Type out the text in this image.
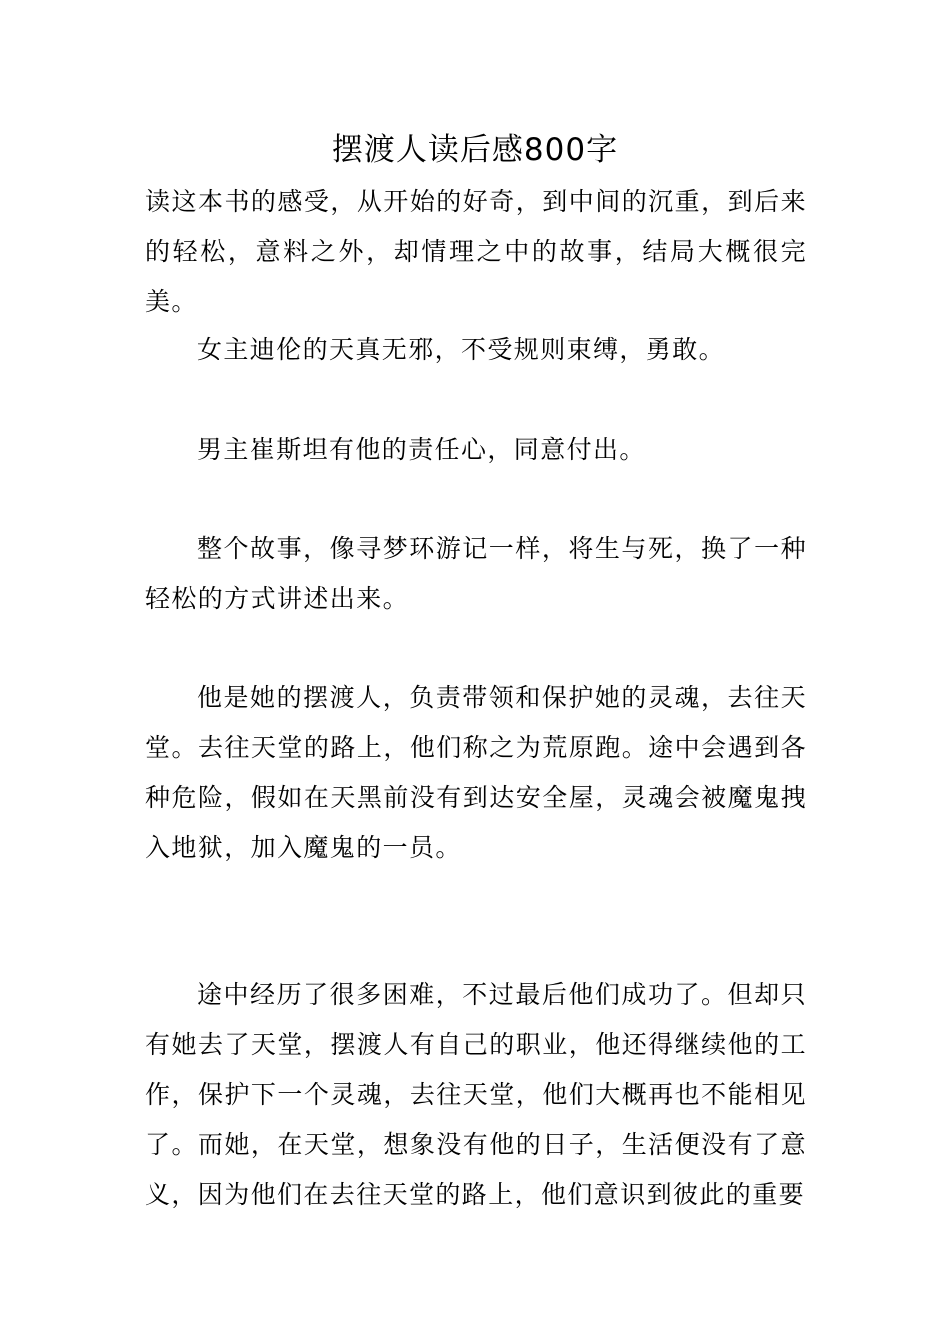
摆渡人读后感800字

读这本书的感受，从开始的好奇，到中间的沉重，到后来的轻松，意料之外，却情理之中的故事，结局大概很完美。

女主迪伦的天真无邪，不受规则束缚，勇敢。

男主崔斯坦有他的责任心，同意付出。

整个故事，像寻梦环游记一样，将生与死，换了一种轻松的方式讲述出来。

他是她的摆渡人，负责带领和保护她的灵魂，去往天堂。去往天堂的路上，他们称之为荒原跑。途中会遇到各种危险，假如在天黑前没有到达安全屋，灵魂会被魔鬼拽入地狱，加入魔鬼的一员。

途中经历了很多困难，不过最后他们成功了。但却只有她去了天堂，摆渡人有自己的职业，他还得继续他的工作，保护下一个灵魂，去往天堂，他们大概再也不能相见了。而她，在天堂，想象没有他的日子，生活便没有了意义，因为他们在去往天堂的路上，他们意识到彼此的重要
